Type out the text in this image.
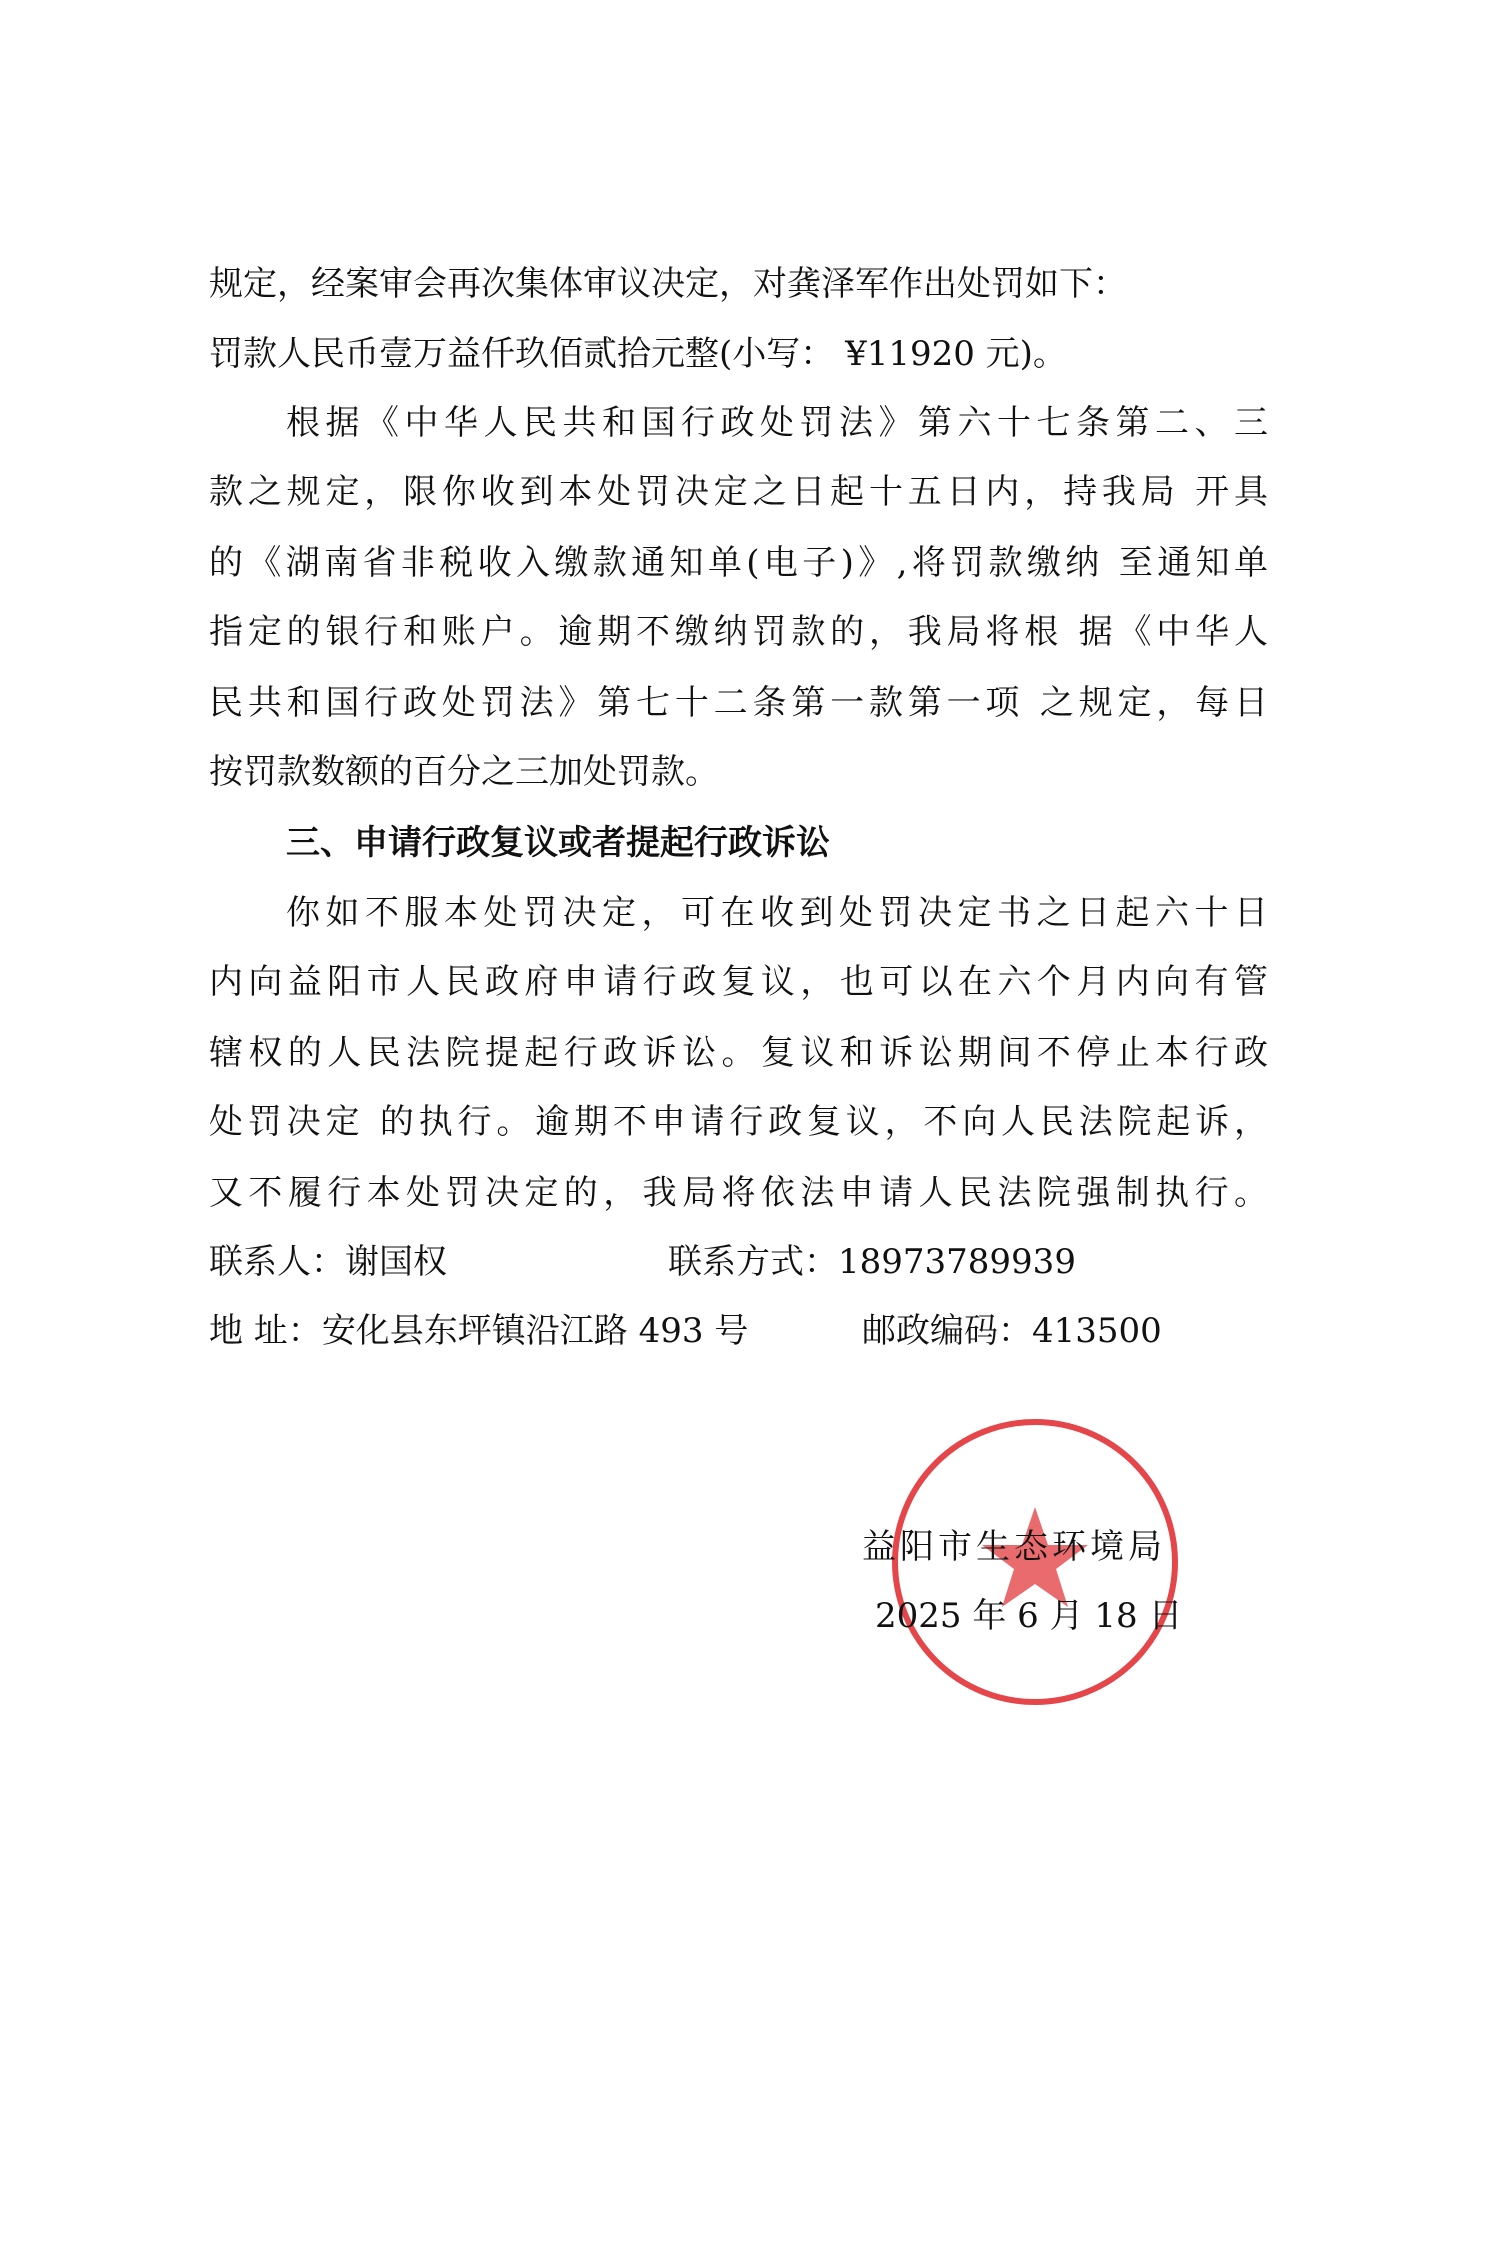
规定，经案审会再次集体审议决定，对龚泽军作出处罚如下：
罚款人民币壹万益仟玖佰贰拾元整(小写： ¥11920 元)。
根据《中华人民共和国行政处罚法》第六十七条第二、三
款之规定，限你收到本处罚决定之日起十五日内，持我局 开具
的《湖南省非税收入缴款通知单(电子)》,将罚款缴纳 至通知单
指定的银行和账户。逾期不缴纳罚款的，我局将根 据《中华人
民共和国行政处罚法》第七十二条第一款第一项 之规定，每日
按罚款数额的百分之三加处罚款。
三、申请行政复议或者提起行政诉讼
你如不服本处罚决定，可在收到处罚决定书之日起六十日
内向益阳市人民政府申请行政复议，也可以在六个月内向有管
辖权的人民法院提起行政诉讼。复议和诉讼期间不停止本行政
处罚决定 的执行。逾期不申请行政复议，不向人民法院起诉，
又不履行本处罚决定的，我局将依法申请人民法院强制执行。
联系人：谢国权	联系方式：18973789939
地 址：安化县东坪镇沿江路 493 号	邮政编码：413500
益阳市生态环境局
2025 年 6 月 18 日
